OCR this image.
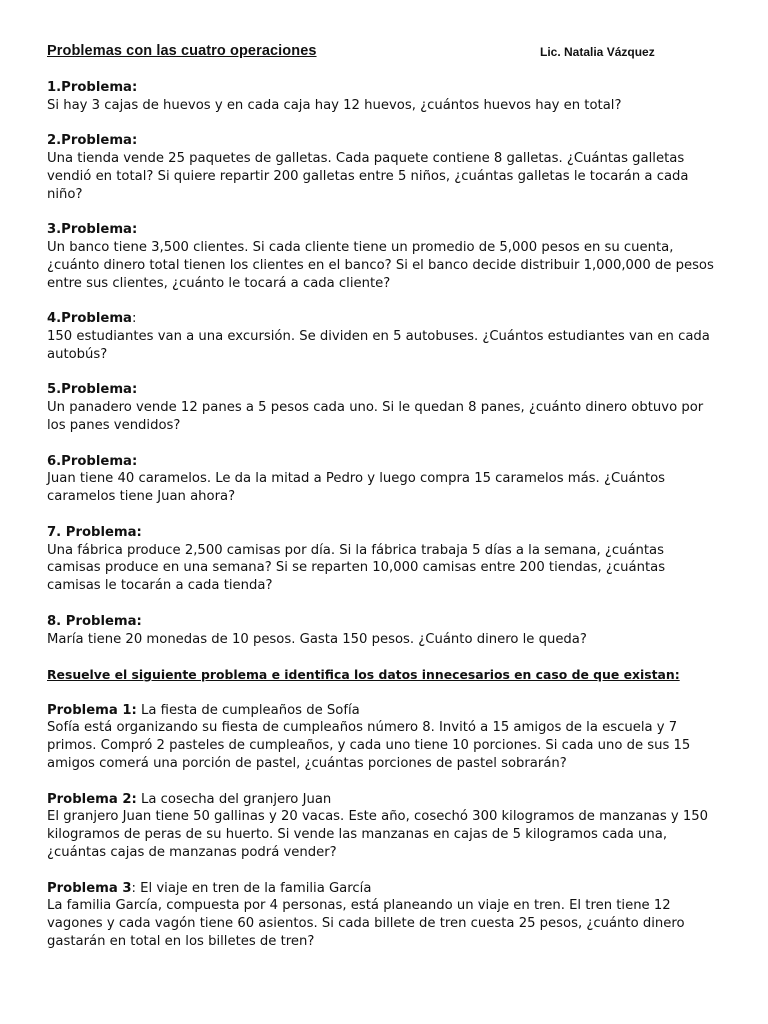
Problemas con las cuatro operaciones	Lic. Natalia Vázquez
1.Problema:

Si hay 3 cajas de huevos y en cada caja hay 12 huevos, ¿cuántos huevos hay en total?

2.Problema:

Una tienda vende 25 paquetes de galletas. Cada paquete contiene 8 galletas. ¿Cuántas galletas vendió en total? Si quiere repartir 200 galletas entre 5 niños, ¿cuántas galletas le tocarán a cada niño?

3.Problema:

Un banco tiene 3,500 clientes. Si cada cliente tiene un promedio de 5,000 pesos en su cuenta, ¿cuánto dinero total tienen los clientes en el banco? Si el banco decide distribuir 1,000,000 de pesos entre sus clientes, ¿cuánto le tocará a cada cliente?

4.Problema:

150 estudiantes van a una excursión. Se dividen en 5 autobuses. ¿Cuántos estudiantes van en cada autobús?

5.Problema:

Un panadero vende 12 panes a 5 pesos cada uno. Si le quedan 8 panes, ¿cuánto dinero obtuvo por los panes vendidos?

6.Problema:

Juan tiene 40 caramelos. Le da la mitad a Pedro y luego compra 15 caramelos más. ¿Cuántos caramelos tiene Juan ahora?

7. Problema:

Una fábrica produce 2,500 camisas por día. Si la fábrica trabaja 5 días a la semana, ¿cuántas camisas produce en una semana? Si se reparten 10,000 camisas entre 200 tiendas, ¿cuántas camisas le tocarán a cada tienda?

8. Problema:

María tiene 20 monedas de 10 pesos. Gasta 150 pesos. ¿Cuánto dinero le queda?

Resuelve el siguiente problema e identifica los datos innecesarios en caso de que existan:
Problema 1: La fiesta de cumpleaños de Sofía

Sofía está organizando su fiesta de cumpleaños número 8. Invitó a 15 amigos de la escuela y 7 primos. Compró 2 pasteles de cumpleaños, y cada uno tiene 10 porciones. Si cada uno de sus 15 amigos comerá una porción de pastel, ¿cuántas porciones de pastel sobrarán?

Problema 2: La cosecha del granjero Juan

El granjero Juan tiene 50 gallinas y 20 vacas. Este año, cosechó 300 kilogramos de manzanas y 150 kilogramos de peras de su huerto. Si vende las manzanas en cajas de 5 kilogramos cada una, ¿cuántas cajas de manzanas podrá vender?

Problema 3: El viaje en tren de la familia García

La familia García, compuesta por 4 personas, está planeando un viaje en tren. El tren tiene 12 vagones y cada vagón tiene 60 asientos. Si cada billete de tren cuesta 25 pesos, ¿cuánto dinero gastarán en total en los billetes de tren?
